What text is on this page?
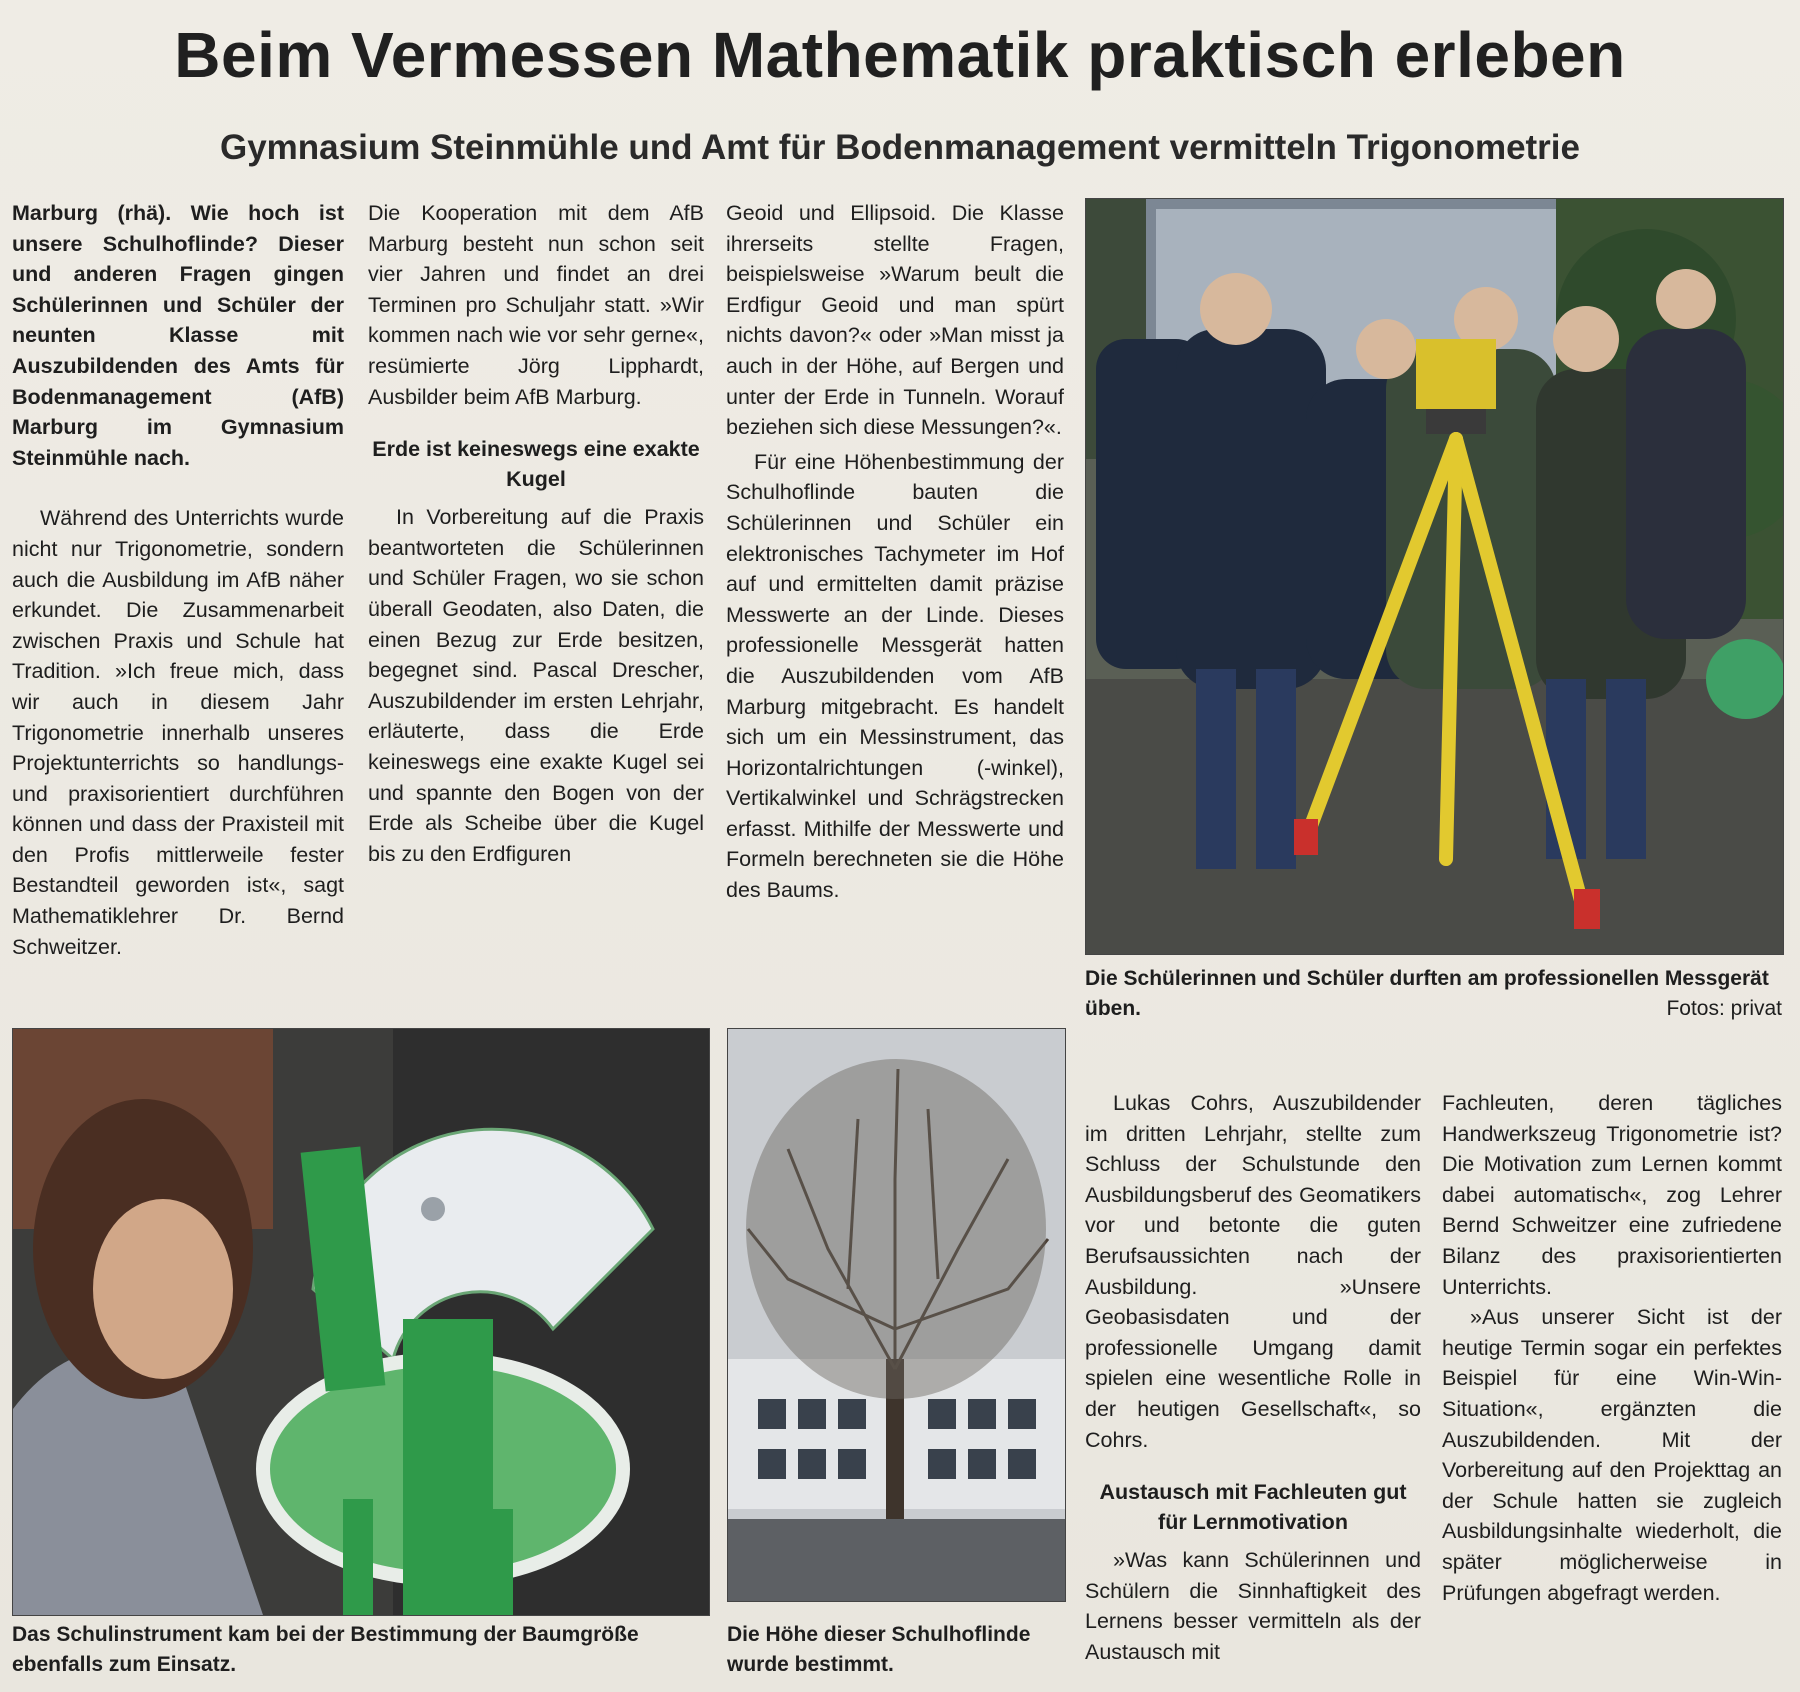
Beim Vermessen Mathematik praktisch erleben
Gymnasium Steinmühle und Amt für Bodenmanagement vermitteln Trigonometrie

Marburg (rhä). Wie hoch ist unsere Schulhoflinde? Dieser und anderen Fragen gingen Schülerinnen und Schüler der neunten Klasse mit Auszubildenden des Amts für Bodenmanagement (AfB) Marburg im Gymnasium Steinmühle nach.

Während des Unterrichts wurde nicht nur Trigonometrie, sondern auch die Ausbildung im AfB näher erkundet. Die Zusammenarbeit zwischen Praxis und Schule hat Tradition. »Ich freue mich, dass wir auch in diesem Jahr Trigonometrie innerhalb unseres Projektunterrichts so handlungs- und praxisorientiert durchführen können und dass der Praxisteil mit den Profis mittlerweile fester Bestandteil geworden ist«, sagt Mathematiklehrer Dr. Bernd Schweitzer.

Die Kooperation mit dem AfB Marburg besteht nun schon seit vier Jahren und findet an drei Terminen pro Schuljahr statt. »Wir kommen nach wie vor sehr gerne«, resümierte Jörg Lipphardt, Ausbilder beim AfB Marburg.

Erde ist keineswegs eine exakte Kugel

In Vorbereitung auf die Praxis beantworteten die Schülerinnen und Schüler Fragen, wo sie schon überall Geodaten, also Daten, die einen Bezug zur Erde besitzen, begegnet sind. Pascal Drescher, Auszubildender im ersten Lehrjahr, erläuterte, dass die Erde keineswegs eine exakte Kugel sei und spannte den Bogen von der Erde als Scheibe über die Kugel bis zu den Erdfiguren

Geoid und Ellipsoid. Die Klasse ihrerseits stellte Fragen, beispielsweise »Warum beult die Erdfigur Geoid und man spürt nichts davon?« oder »Man misst ja auch in der Höhe, auf Bergen und unter der Erde in Tunneln. Worauf beziehen sich diese Messungen?«.

Für eine Höhenbestimmung der Schulhoflinde bauten die Schülerinnen und Schüler ein elektronisches Tachymeter im Hof auf und ermittelten damit präzise Messwerte an der Linde. Dieses professionelle Messgerät hatten die Auszubildenden vom AfB Marburg mitgebracht. Es handelt sich um ein Messinstrument, das Horizontalrichtungen (-winkel), Vertikalwinkel und Schrägstrecken erfasst. Mithilfe der Messwerte und Formeln berechneten sie die Höhe des Baums.

Die Schülerinnen und Schüler durften am professionellen Messgerät üben.	Fotos: privat
Das Schulinstrument kam bei der Bestimmung der Baumgröße ebenfalls zum Einsatz.
Die Höhe dieser Schulhoflinde wurde bestimmt.

Lukas Cohrs, Auszubildender im dritten Lehrjahr, stellte zum Schluss der Schulstunde den Ausbildungsberuf des Geomatikers vor und betonte die guten Berufsaussichten nach der Ausbildung. »Unsere Geobasisdaten und der professionelle Umgang damit spielen eine wesentliche Rolle in der heutigen Gesellschaft«, so Cohrs.

Austausch mit Fachleuten gut für Lernmotivation

»Was kann Schülerinnen und Schülern die Sinnhaftigkeit des Lernens besser vermitteln als der Austausch mit

Fachleuten, deren tägliches Handwerkszeug Trigonometrie ist? Die Motivation zum Lernen kommt dabei automatisch«, zog Lehrer Bernd Schweitzer eine zufriedene Bilanz des praxisorientierten Unterrichts.

»Aus unserer Sicht ist der heutige Termin sogar ein perfektes Beispiel für eine Win-Win-Situation«, ergänzten die Auszubildenden. Mit der Vorbereitung auf den Projekttag an der Schule hatten sie zugleich Ausbildungsinhalte wiederholt, die später möglicherweise in Prüfungen abgefragt werden.
